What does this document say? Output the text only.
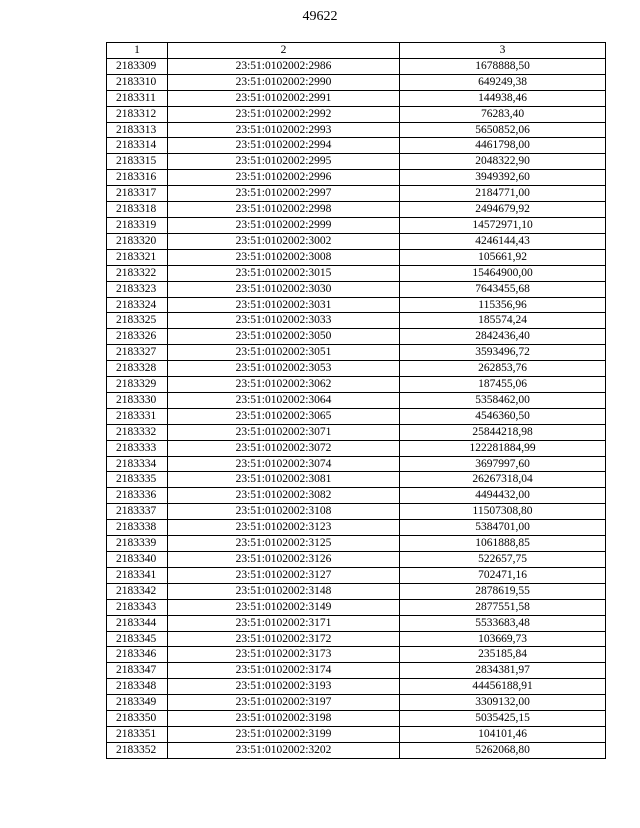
49622
1	2	3
2183309	23:51:0102002:2986	1678888,50
2183310	23:51:0102002:2990	649249,38
2183311	23:51:0102002:2991	144938,46
2183312	23:51:0102002:2992	76283,40
2183313	23:51:0102002:2993	5650852,06
2183314	23:51:0102002:2994	4461798,00
2183315	23:51:0102002:2995	2048322,90
2183316	23:51:0102002:2996	3949392,60
2183317	23:51:0102002:2997	2184771,00
2183318	23:51:0102002:2998	2494679,92
2183319	23:51:0102002:2999	14572971,10
2183320	23:51:0102002:3002	4246144,43
2183321	23:51:0102002:3008	105661,92
2183322	23:51:0102002:3015	15464900,00
2183323	23:51:0102002:3030	7643455,68
2183324	23:51:0102002:3031	115356,96
2183325	23:51:0102002:3033	185574,24
2183326	23:51:0102002:3050	2842436,40
2183327	23:51:0102002:3051	3593496,72
2183328	23:51:0102002:3053	262853,76
2183329	23:51:0102002:3062	187455,06
2183330	23:51:0102002:3064	5358462,00
2183331	23:51:0102002:3065	4546360,50
2183332	23:51:0102002:3071	25844218,98
2183333	23:51:0102002:3072	122281884,99
2183334	23:51:0102002:3074	3697997,60
2183335	23:51:0102002:3081	26267318,04
2183336	23:51:0102002:3082	4494432,00
2183337	23:51:0102002:3108	11507308,80
2183338	23:51:0102002:3123	5384701,00
2183339	23:51:0102002:3125	1061888,85
2183340	23:51:0102002:3126	522657,75
2183341	23:51:0102002:3127	702471,16
2183342	23:51:0102002:3148	2878619,55
2183343	23:51:0102002:3149	2877551,58
2183344	23:51:0102002:3171	5533683,48
2183345	23:51:0102002:3172	103669,73
2183346	23:51:0102002:3173	235185,84
2183347	23:51:0102002:3174	2834381,97
2183348	23:51:0102002:3193	44456188,91
2183349	23:51:0102002:3197	3309132,00
2183350	23:51:0102002:3198	5035425,15
2183351	23:51:0102002:3199	104101,46
2183352	23:51:0102002:3202	5262068,80
